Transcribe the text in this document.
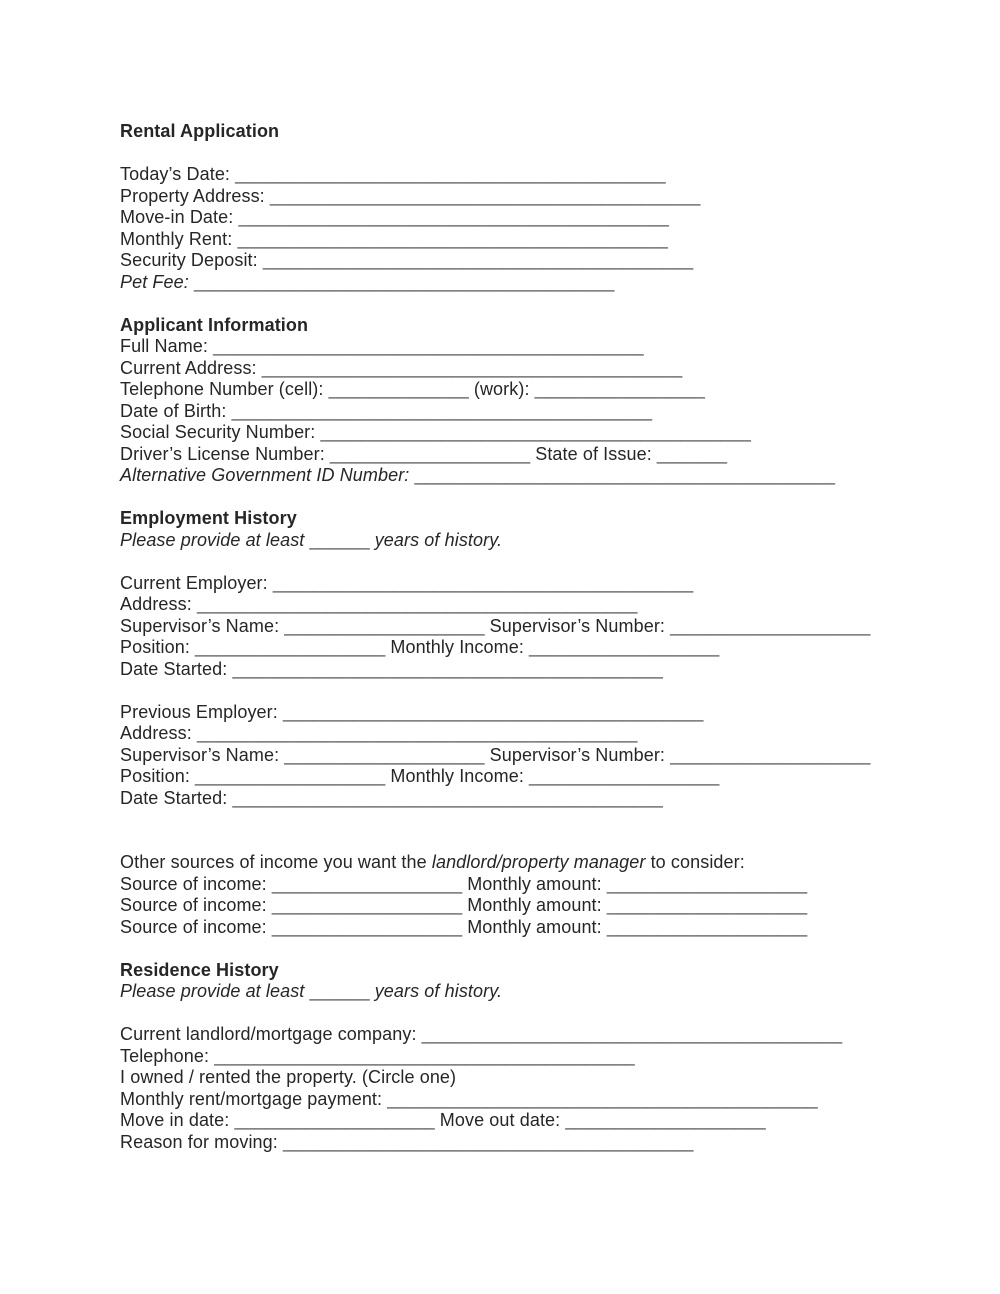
Rental Application
Today’s Date: ___________________________________________
Property Address: ___________________________________________
Move-in Date: ___________________________________________
Monthly Rent: ___________________________________________
Security Deposit: ___________________________________________
Pet Fee: __________________________________________
Applicant Information
Full Name: ___________________________________________
Current Address: __________________________________________
Telephone Number (cell): ______________ (work): _________________
Date of Birth: __________________________________________
Social Security Number: ___________________________________________
Driver’s License Number: ____________________ State of Issue: _______
Alternative Government ID Number: __________________________________________
Employment History
Please provide at least ______ years of history.
Current Employer: __________________________________________
Address: ____________________________________________
Supervisor’s Name: ____________________ Supervisor’s Number: ____________________
Position: ___________________ Monthly Income: ___________________
Date Started: ___________________________________________
Previous Employer: __________________________________________
Address: ____________________________________________
Supervisor’s Name: ____________________ Supervisor’s Number: ____________________
Position: ___________________ Monthly Income: ___________________
Date Started: ___________________________________________
Other sources of income you want the landlord/property manager to consider:
Source of income: ___________________ Monthly amount: ____________________
Source of income: ___________________ Monthly amount: ____________________
Source of income: ___________________ Monthly amount: ____________________
Residence History
Please provide at least ______ years of history.
Current landlord/mortgage company: __________________________________________
Telephone: __________________________________________
I owned / rented the property. (Circle one)
Monthly rent/mortgage payment: ___________________________________________
Move in date: ____________________ Move out date: ____________________
Reason for moving: _________________________________________
